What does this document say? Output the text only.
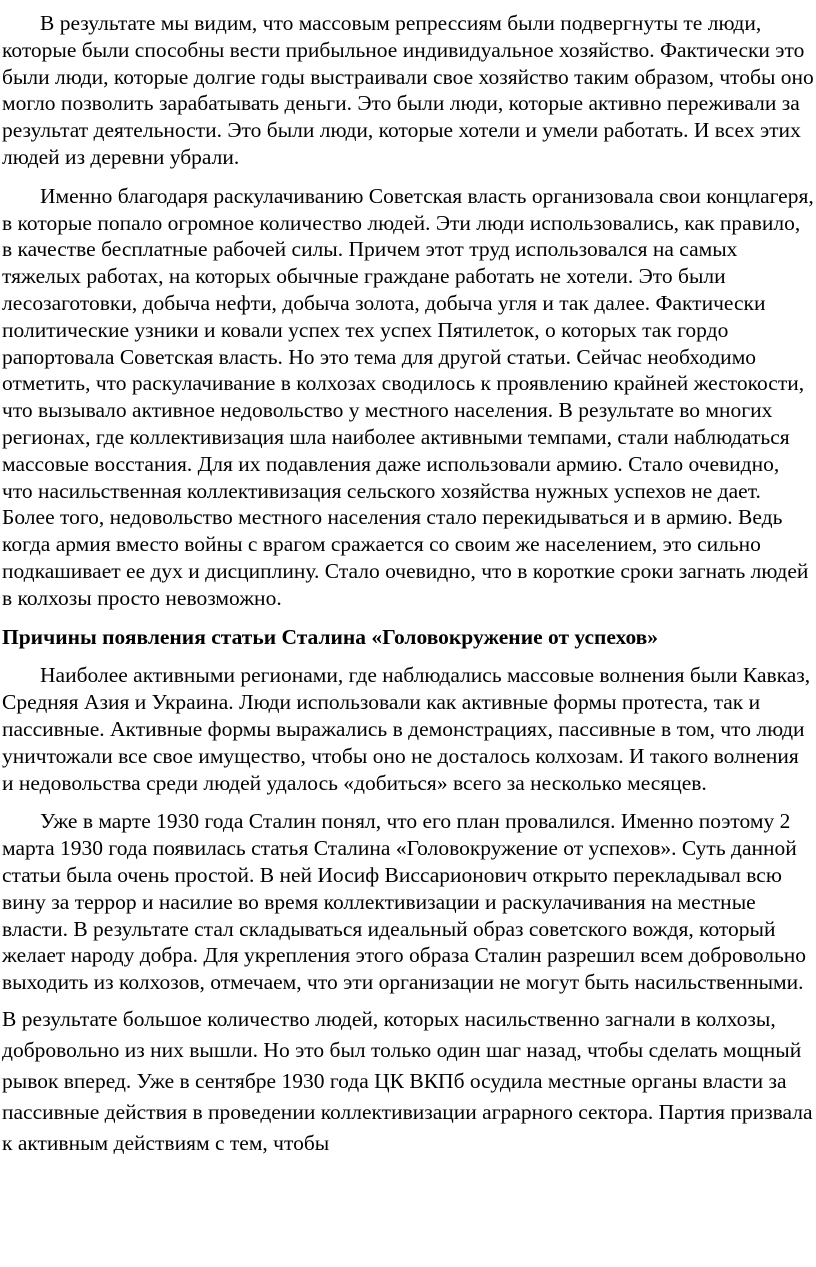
В результате мы видим, что массовым репрессиям были подвергнуты те люди, которые были способны вести прибыльное индивидуальное хозяйство. Фактически это были люди, которые долгие годы выстраивали свое хозяйство таким образом, чтобы оно могло позволить зарабатывать деньги. Это были люди, которые активно переживали за результат деятельности. Это были люди, которые хотели и умели работать. И всех этих людей из деревни убрали.

Именно благодаря раскулачиванию Советская власть организовала свои концлагеря, в которые попало огромное количество людей. Эти люди использовались, как правило, в качестве бесплатные рабочей силы. Причем этот труд использовался на самых тяжелых работах, на которых обычные граждане работать не хотели. Это были лесозаготовки, добыча нефти, добыча золота, добыча угля и так далее. Фактически политические узники и ковали успех тех успех Пятилеток, о которых так гордо рапортовала Советская власть. Но это тема для другой статьи. Сейчас необходимо отметить, что раскулачивание в колхозах сводилось к проявлению крайней жестокости, что вызывало активное недовольство у местного населения. В результате во многих регионах, где коллективизация шла наиболее активными темпами, стали наблюдаться массовые восстания. Для их подавления даже использовали армию. Стало очевидно, что насильственная коллективизация сельского хозяйства нужных успехов не дает. Более того, недовольство местного населения стало перекидываться и в армию. Ведь когда армия вместо войны с врагом сражается со своим же населением, это сильно подкашивает ее дух и дисциплину. Стало очевидно, что в короткие сроки загнать людей в колхозы просто невозможно.

Причины появления статьи Сталина «Головокружение от успехов»

Наиболее активными регионами, где наблюдались массовые волнения были Кавказ, Средняя Азия и Украина. Люди использовали как активные формы протеста, так и пассивные. Активные формы выражались в демонстрациях, пассивные в том, что люди уничтожали все свое имущество, чтобы оно не досталось колхозам. И такого волнения и недовольства среди людей удалось «добиться» всего за несколько месяцев.

Уже в марте 1930 года Сталин понял, что его план провалился. Именно поэтому 2 марта 1930 года появилась статья Сталина «Головокружение от успехов». Суть данной статьи была очень простой. В ней Иосиф Виссарионович открыто перекладывал всю вину за террор и насилие во время коллективизации и раскулачивания на местные власти. В результате стал складываться идеальный образ советского вождя, который желает народу добра. Для укрепления этого образа Сталин разрешил всем добровольно выходить из колхозов, отмечаем, что эти организации не могут быть насильственными.

В результате большое количество людей, которых насильственно загнали в колхозы, добровольно из них вышли. Но это был только один шаг назад, чтобы сделать мощный рывок вперед. Уже в сентябре 1930 года ЦК ВКПб осудила местные органы власти за пассивные действия в проведении коллективизации аграрного сектора. Партия призвала к активным действиям с тем, чтобы
